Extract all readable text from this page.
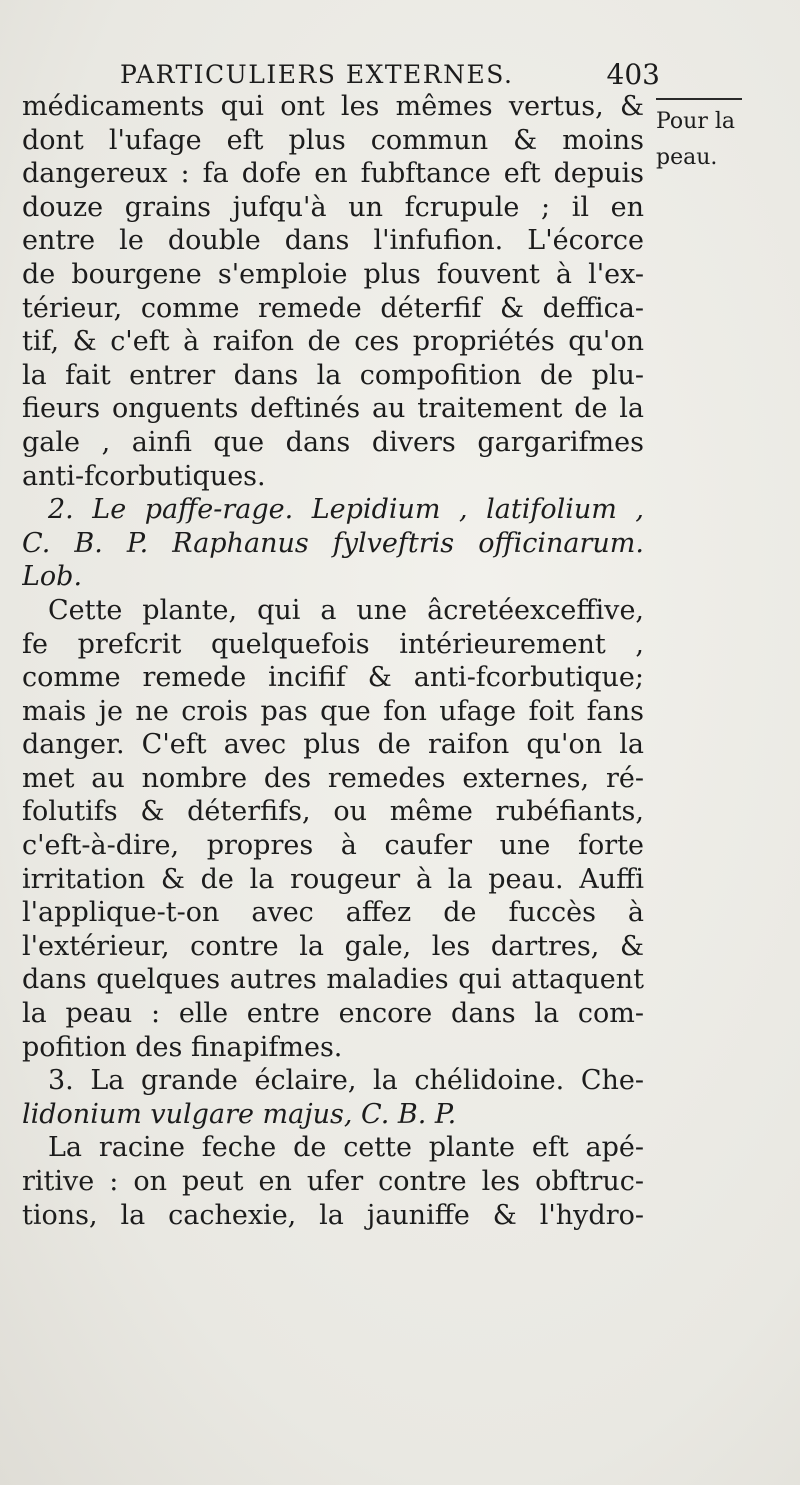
PARTICULIERS EXTERNES.	403
Pour la
peau.
médicaments qui ont les mêmes vertus, &
dont l'ufage eft plus commun & moins
dangereux : fa dofe en fubftance eft depuis
douze grains jufqu'à un fcrupule ; il en
entre le double dans l'infufion. L'écorce
de bourgene s'emploie plus fouvent à l'ex-
térieur, comme remede déterfif & deffica-
tif, & c'eft à raifon de ces propriétés qu'on
la fait entrer dans la compofition de plu-
fieurs onguents deftinés au traitement de la
gale , ainfi que dans divers gargarifmes
anti-fcorbutiques.
2. Le paffe-rage. Lepidium , latifolium ,
C. B. P. Raphanus fylveftris officinarum.
Lob.
Cette plante, qui a une âcretéexceffive,
fe prefcrit quelquefois intérieurement ,
comme remede incifif & anti-fcorbutique;
mais je ne crois pas que fon ufage foit fans
danger. C'eft avec plus de raifon qu'on la
met au nombre des remedes externes, ré-
folutifs & déterfifs, ou même rubéfiants,
c'eft-à-dire, propres à caufer une forte
irritation & de la rougeur à la peau. Auffi
l'applique-t-on avec affez de fuccès à
l'extérieur, contre la gale, les dartres, &
dans quelques autres maladies qui attaquent
la peau : elle entre encore dans la com-
pofition des finapifmes.
3. La grande éclaire, la chélidoine. Che-
lidonium vulgare majus, C. B. P.
La racine feche de cette plante eft apé-
ritive : on peut en ufer contre les obftruc-
tions, la cachexie, la jauniffe & l'hydro-
